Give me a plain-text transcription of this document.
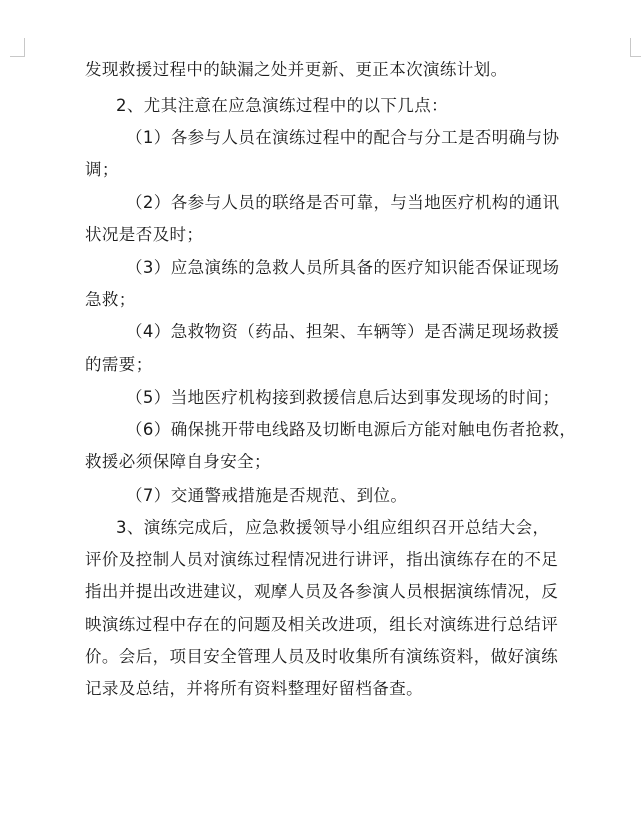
发现救援过程中的缺漏之处并更新、更正本次演练计划。

2、尤其注意在应急演练过程中的以下几点：

（1）各参与人员在演练过程中的配合与分工是否明确与协

调；

（2）各参与人员的联络是否可靠，与当地医疗机构的通讯

状况是否及时；

（3）应急演练的急救人员所具备的医疗知识能否保证现场

急救；

（4）急救物资（药品、担架、车辆等）是否满足现场救援

的需要；

（5）当地医疗机构接到救援信息后达到事发现场的时间；

（6）确保挑开带电线路及切断电源后方能对触电伤者抢救，

救援必须保障自身安全；

（7）交通警戒措施是否规范、到位。

3、演练完成后，应急救援领导小组应组织召开总结大会，

评价及控制人员对演练过程情况进行讲评，指出演练存在的不足

指出并提出改进建议，观摩人员及各参演人员根据演练情况，反

映演练过程中存在的问题及相关改进项，组长对演练进行总结评

价。会后，项目安全管理人员及时收集所有演练资料，做好演练

记录及总结，并将所有资料整理好留档备查。
